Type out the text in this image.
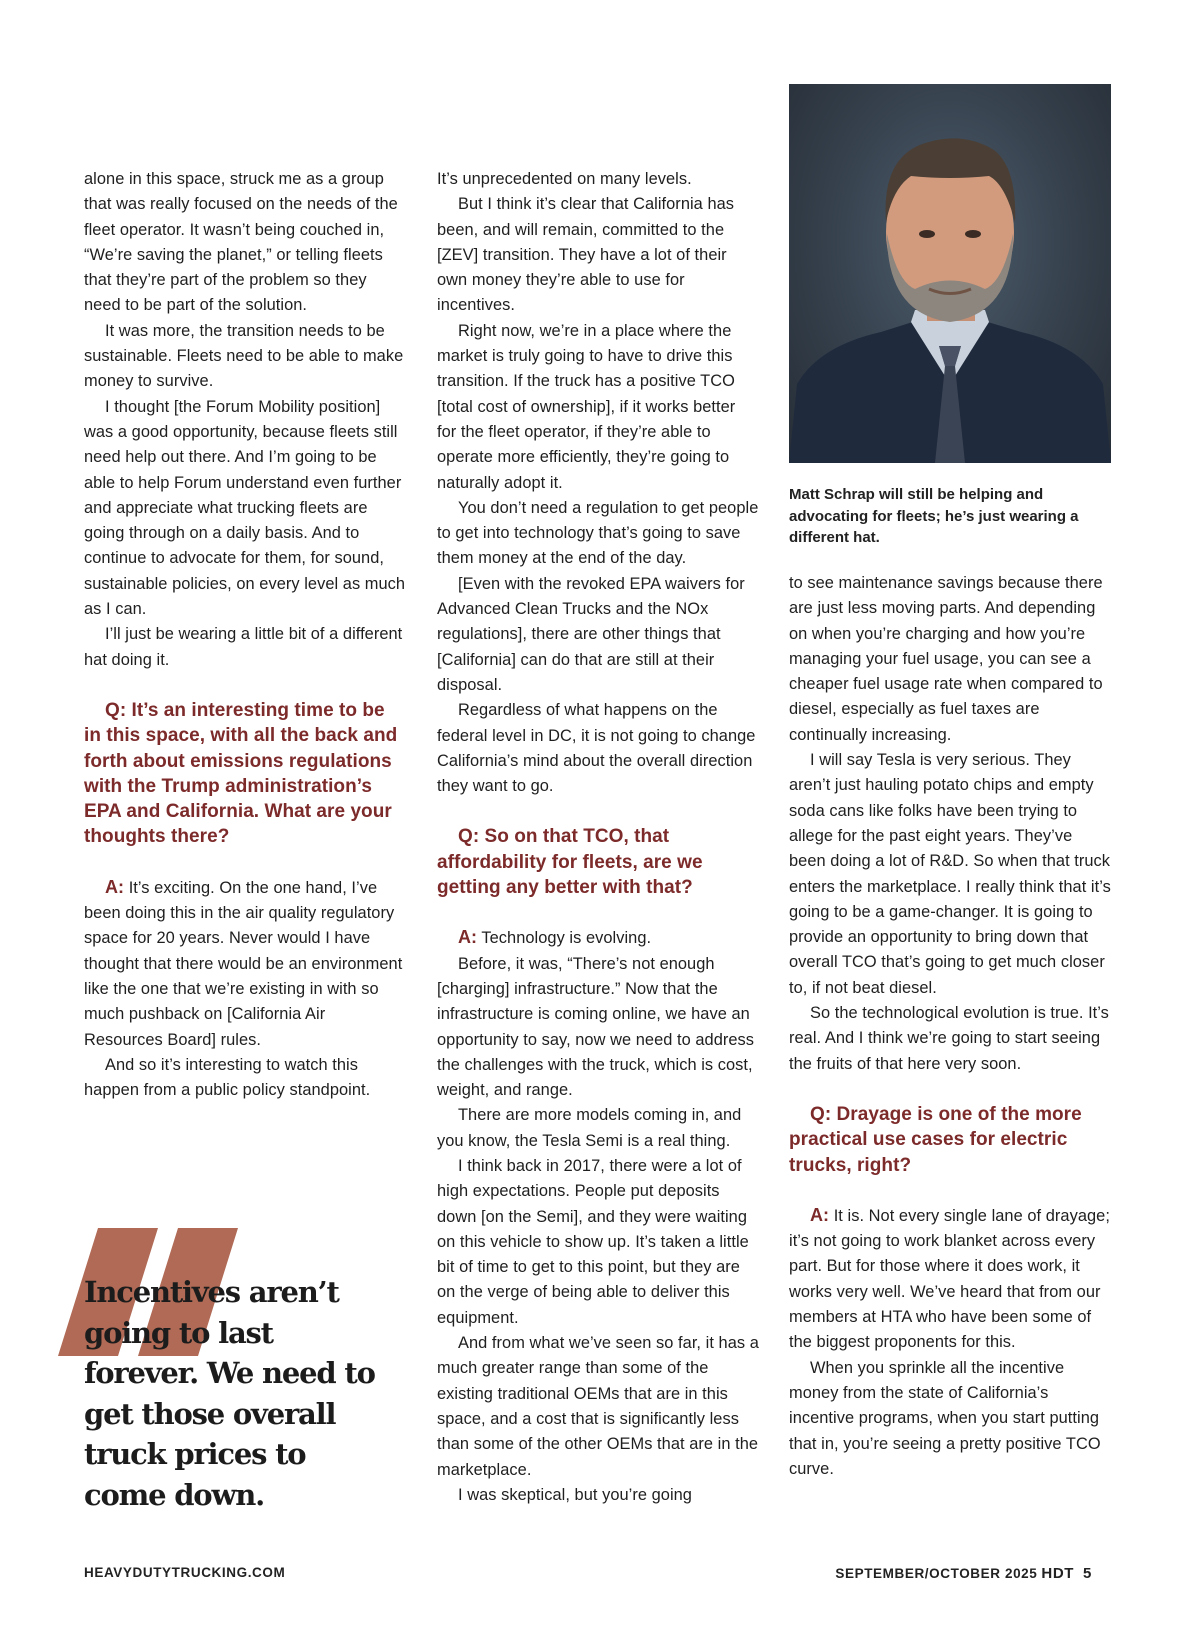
alone in this space, struck me as a group that was really focused on the needs of the fleet operator. It wasn’t being couched in, “We’re saving the planet,” or telling fleets that they’re part of the problem so they need to be part of the solution.

It was more, the transition needs to be sustainable. Fleets need to be able to make money to survive.

I thought [the Forum Mobility position] was a good opportunity, because fleets still need help out there. And I’m going to be able to help Forum understand even further and appreciate what trucking fleets are going through on a daily basis. And to continue to advocate for them, for sound, sustainable policies, on every level as much as I can.

I’ll just be wearing a little bit of a different hat doing it.

Q: It’s an interesting time to be in this space, with all the back and forth about emissions regulations with the Trump administration’s EPA and California. What are your thoughts there?

A: It’s exciting. On the one hand, I’ve been doing this in the air quality regulatory space for 20 years. Never would I have thought that there would be an environment like the one that we’re existing in with so much pushback on [California Air Resources Board] rules.

And so it’s interesting to watch this happen from a public policy standpoint.

Incentives aren’t going to last forever. We need to get those overall truck prices to come down.

It’s unprecedented on many levels.

But I think it’s clear that California has been, and will remain, committed to the [ZEV] transition. They have a lot of their own money they’re able to use for incentives.

Right now, we’re in a place where the market is truly going to have to drive this transition. If the truck has a positive TCO [total cost of ownership], if it works better for the fleet operator, if they’re able to operate more efficiently, they’re going to naturally adopt it.

You don’t need a regulation to get people to get into technology that’s going to save them money at the end of the day.

[Even with the revoked EPA waivers for Advanced Clean Trucks and the NOx regulations], there are other things that [California] can do that are still at their disposal.

Regardless of what happens on the federal level in DC, it is not going to change California’s mind about the overall direction they want to go.

Q: So on that TCO, that affordability for fleets, are we getting any better with that?

A: Technology is evolving.

Before, it was, “There’s not enough [charging] infrastructure.” Now that the infrastructure is coming online, we have an opportunity to say, now we need to address the challenges with the truck, which is cost, weight, and range.

There are more models coming in, and you know, the Tesla Semi is a real thing.

I think back in 2017, there were a lot of high expectations. People put deposits down [on the Semi], and they were waiting on this vehicle to show up. It’s taken a little bit of time to get to this point, but they are on the verge of being able to deliver this equipment.

And from what we’ve seen so far, it has a much greater range than some of the existing traditional OEMs that are in this space, and a cost that is significantly less than some of the other OEMs that are in the marketplace.

I was skeptical, but you’re going

Matt Schrap will still be helping and advocating for fleets; he’s just wearing a different hat.

to see maintenance savings because there are just less moving parts. And depending on when you’re charging and how you’re managing your fuel usage, you can see a cheaper fuel usage rate when compared to diesel, especially as fuel taxes are continually increasing.

I will say Tesla is very serious. They aren’t just hauling potato chips and empty soda cans like folks have been trying to allege for the past eight years. They’ve been doing a lot of R&D. So when that truck enters the marketplace. I really think that it’s going to be a game-changer. It is going to provide an opportunity to bring down that overall TCO that’s going to get much closer to, if not beat diesel.

So the technological evolution is true. It’s real. And I think we’re going to start seeing the fruits of that here very soon.

Q: Drayage is one of the more practical use cases for electric trucks, right?

A: It is. Not every single lane of drayage; it’s not going to work blanket across every part. But for those where it does work, it works very well. We’ve heard that from our members at HTA who have been some of the biggest proponents for this.

When you sprinkle all the incentive money from the state of California’s incentive programs, when you start putting that in, you’re seeing a pretty positive TCO curve.

HEAVYDUTYTRUCKING.COM	SEPTEMBER/OCTOBER 2025 HDT 5
